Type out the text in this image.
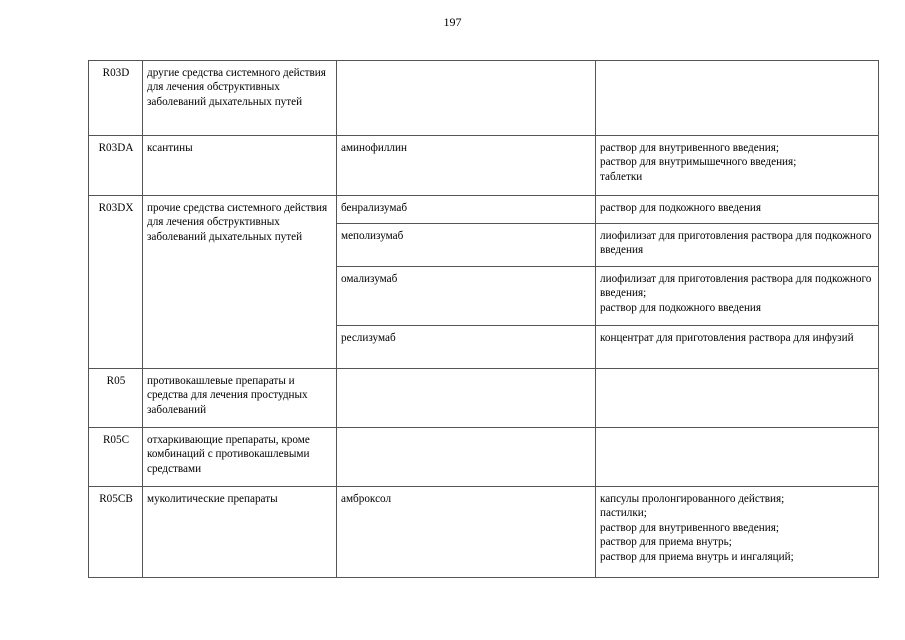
197
R03D	другие средства системного действия для лечения обструктивных заболеваний дыхательных путей		
R03DA	ксантины	аминофиллин	раствор для внутривенного введения;
раствор для внутримышечного введения;
таблетки

R03DX	прочие средства системного действия для лечения обструктивных заболеваний дыхательных путей	бенрализумаб	раствор для подкожного введения

		меполизумаб	лиофилизат для приготовления раствора для подкожного введения

		омализумаб	лиофилизат для приготовления раствора для подкожного введения;
раствор для подкожного введения

		реслизумаб	концентрат для приготовления раствора для инфузий

R05	противокашлевые препараты и средства для лечения простудных заболеваний		
R05C	отхаркивающие препараты, кроме комбинаций с противокашлевыми средствами		
R05CB	муколитические препараты	амброксол	капсулы пролонгированного действия;
пастилки;
раствор для внутривенного введения;
раствор для приема внутрь;
раствор для приема внутрь и ингаляций;
